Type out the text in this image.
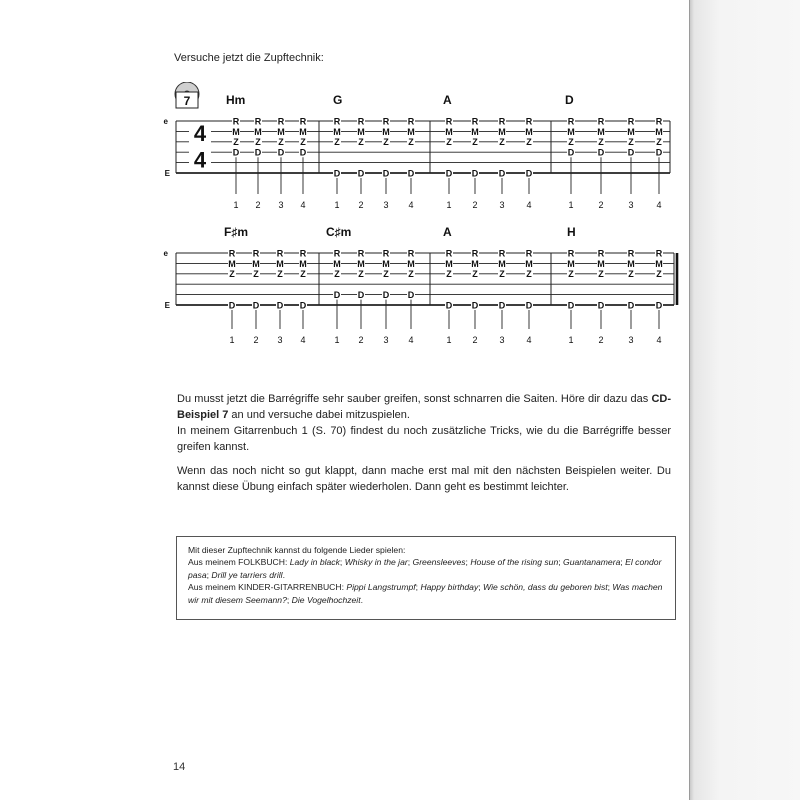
Versuche jetzt die Zupftechnik:
7	Hm	G	A	D
F♯m	C♯m	A	H
e
E
4
4
R
M
Z
D
1
R
M
Z
D
2
R
M
Z
D
3
R
M
Z
D
4
R
M
Z
D
1
R
M
Z
D
2
R
M
Z
D
3
R
M
Z
D
4
R
M
Z
D
1
R
M
Z
D
2
R
M
Z
D
3
R
M
Z
D
4
R
M
Z
D
1
R
M
Z
D
2
R
M
Z
D
3
R
M
Z
D
4
e
E
R
M
Z
D
1
R
M
Z
D
2
R
M
Z
D
3
R
M
Z
D
4
R
M
Z
D
1
R
M
Z
D
2
R
M
Z
D
3
R
M
Z
D
4
R
M
Z
D
1
R
M
Z
D
2
R
M
Z
D
3
R
M
Z
D
4
R
M
Z
D
1
R
M
Z
D
2
R
M
Z
D
3
R
M
Z
D
4

Du musst jetzt die Barrégriffe sehr sauber greifen, sonst schnarren die Saiten. Höre dir dazu das CD-Beispiel 7 an und versuche dabei mitzuspielen.

In meinem Gitarrenbuch 1 (S. 70) findest du noch zusätzliche Tricks, wie du die Barrégriffe besser greifen kannst.

Wenn das noch nicht so gut klappt, dann mache erst mal mit den nächsten Beispielen weiter. Du kannst diese Übung einfach später wiederholen. Dann geht es bestimmt leichter.

Mit dieser Zupftechnik kannst du folgende Lieder spielen:
Aus meinem FOLKBUCH: Lady in black; Whisky in the jar; Greensleeves; House of the rising sun; Guantanamera; El condor pasa; Drill ye tarriers drill.
Aus meinem KINDER-GITARRENBUCH: Pippi Langstrumpf; Happy birthday; Wie schön, dass du geboren bist; Was machen wir mit diesem Seemann?; Die Vogelhochzeit.

14
